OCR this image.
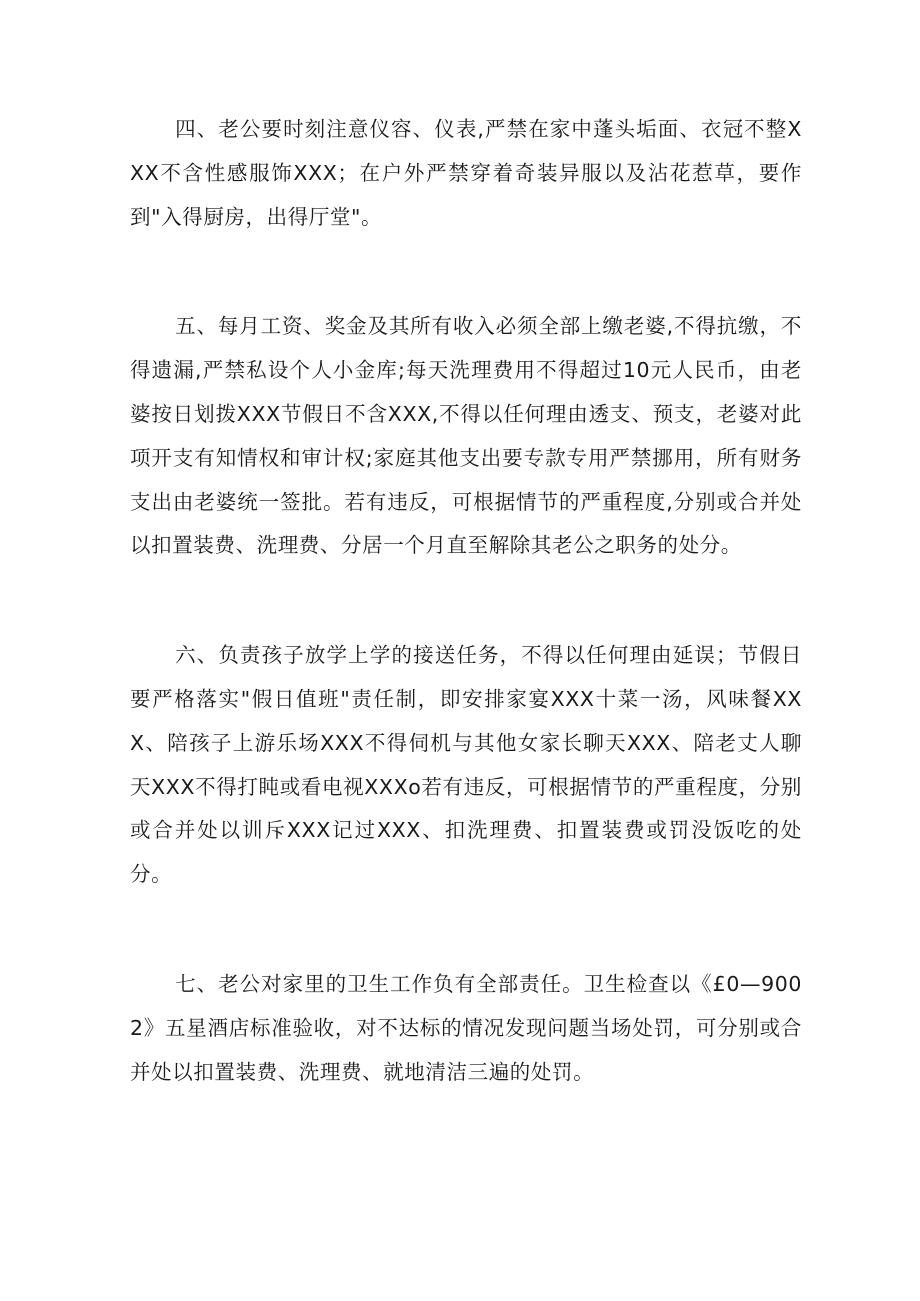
四、老公要时刻注意仪容、仪表,严禁在家中蓬头垢面、衣冠不整XXX不含性感服饰XXX；在户外严禁穿着奇装异服以及沾花惹草，要作到"入得厨房，出得厅堂"。

五、每月工资、奖金及其所有收入必须全部上缴老婆,不得抗缴，不得遗漏,严禁私设个人小金库;每天洗理费用不得超过10元人民币，由老婆按日划拨XXX节假日不含XXX,不得以任何理由透支、预支，老婆对此项开支有知情权和审计权;家庭其他支出要专款专用严禁挪用，所有财务支出由老婆统一签批。若有违反，可根据情节的严重程度,分别或合并处以扣置装费、洗理费、分居一个月直至解除其老公之职务的处分。

六、负责孩子放学上学的接送任务，不得以任何理由延误；节假日要严格落实"假日值班"责任制，即安排家宴XXX十菜一汤，风味餐XXX、陪孩子上游乐场XXX不得伺机与其他女家长聊天XXX、陪老丈人聊天XXX不得打盹或看电视XXXo若有违反，可根据情节的严重程度，分别或合并处以训斥XXX记过XXX、扣洗理费、扣置装费或罚没饭吃的处分。

七、老公对家里的卫生工作负有全部责任。卫生检查以《£0—9002》五星酒店标准验收，对不达标的情况发现问题当场处罚，可分别或合并处以扣置装费、洗理费、就地清洁三遍的处罚。
